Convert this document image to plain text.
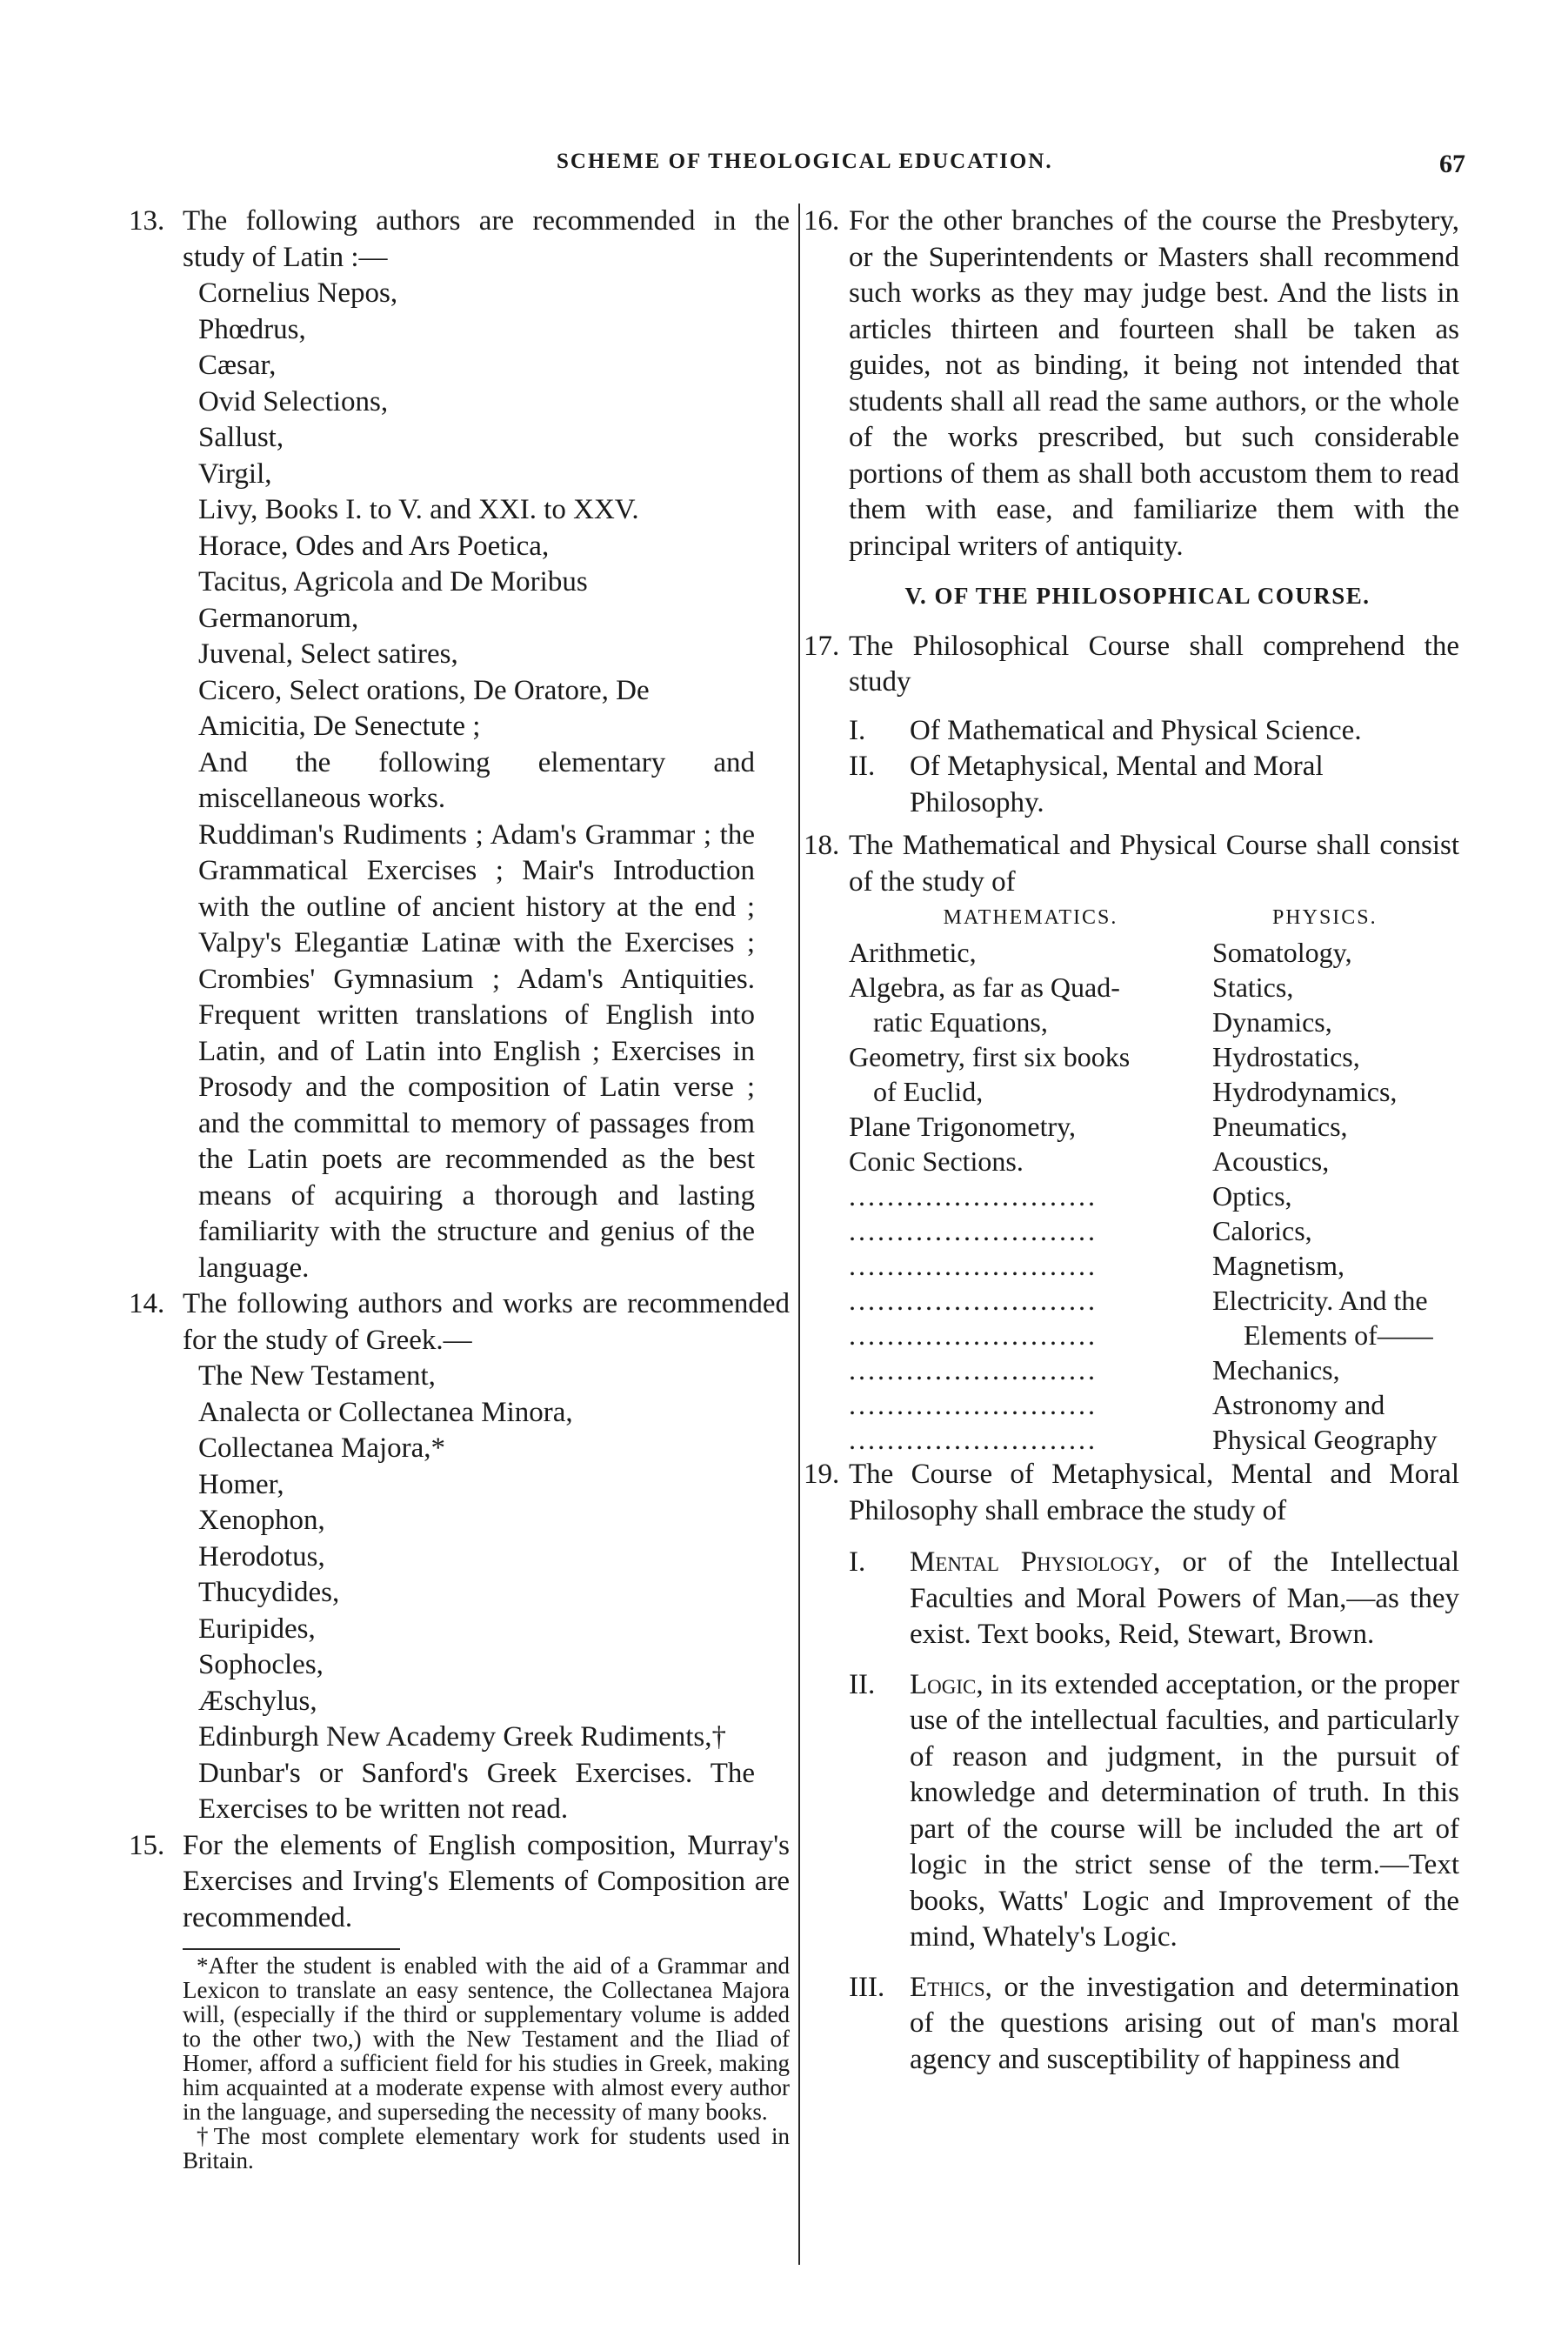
SCHEME OF THEOLOGICAL EDUCATION.	67
13. The following authors are recommended in the study of Latin :—
Cornelius Nepos,
Phœdrus,
Cæsar,
Ovid Selections,
Sallust,
Virgil,
Livy, Books I. to V. and XXI. to XXV.
Horace, Odes and Ars Poetica,
Tacitus, Agricola and De Moribus Germanorum,
Juvenal, Select satires,
Cicero, Select orations, De Oratore, De Amicitia, De Senectute ;
And the following elementary and miscellaneous works.
Ruddiman's Rudiments ; Adam's Grammar ; the Grammatical Exercises ; Mair's Introduction with the outline of ancient history at the end ; Valpy's Elegantiæ Latinæ with the Exercises ; Crombies' Gymnasium ; Adam's Antiquities. Frequent written translations of English into Latin, and of Latin into English ; Exercises in Prosody and the composition of Latin verse ; and the committal to memory of passages from the Latin poets are recommended as the best means of acquiring a thorough and lasting familiarity with the structure and genius of the language.
14. The following authors and works are recommended for the study of Greek.—
The New Testament,
Analecta or Collectanea Minora,
Collectanea Majora,*
Homer,
Xenophon,
Herodotus,
Thucydides,
Euripides,
Sophocles,
Æschylus,
Edinburgh New Academy Greek Rudiments,†
Dunbar's or Sanford's Greek Exercises. The Exercises to be written not read.
15. For the elements of English composition, Murray's Exercises and Irving's Elements of Composition are recommended.
*After the student is enabled with the aid of a Grammar and Lexicon to translate an easy sentence, the Collectanea Majora will, (especially if the third or supplementary volume is added to the other two,) with the New Testament and the Iliad of Homer, afford a sufficient field for his studies in Greek, making him acquainted at a moderate expense with almost every author in the language, and superseding the necessity of many books.
†The most complete elementary work for students used in Britain.
16. For the other branches of the course the Presbytery, or the Superintendents or Masters shall recommend such works as they may judge best. And the lists in articles thirteen and fourteen shall be taken as guides, not as binding, it being not intended that students shall all read the same authors, or the whole of the works prescribed, but such considerable portions of them as shall both accustom them to read them with ease, and familiarize them with the principal writers of antiquity.
V. OF THE PHILOSOPHICAL COURSE.
17. The Philosophical Course shall comprehend the study
I. Of Mathematical and Physical Science.
II. Of Metaphysical, Mental and Moral Philosophy.
18. The Mathematical and Physical Course shall consist of the study of
MATHEMATICS.	PHYSICS.
Arithmetic,	Somatology,
Algebra, as far as Quad-	Statics,
ratic Equations,	Dynamics,
Geometry, first six books	Hydrostatics,
of Euclid,	Hydrodynamics,
Plane Trigonometry,	Pneumatics,
Conic Sections.	Acoustics,
..........................	Optics,
..........................	Calorics,
..........................	Magnetism,
..........................	Electricity. And the
..........................	Elements of——
..........................	Mechanics,
..........................	Astronomy and
..........................	Physical Geography
19. The Course of Metaphysical, Mental and Moral Philosophy shall embrace the study of
I. Mental Physiology, or of the Intellectual Faculties and Moral Powers of Man,—as they exist. Text books, Reid, Stewart, Brown.
II. Logic, in its extended acceptation, or the proper use of the intellectual faculties, and particularly of reason and judgment, in the pursuit of knowledge and determination of truth. In this part of the course will be included the art of logic in the strict sense of the term.—Text books, Watts' Logic and Improvement of the mind, Whately's Logic.
III. Ethics, or the investigation and determination of the questions arising out of man's moral agency and susceptibility of happiness and
